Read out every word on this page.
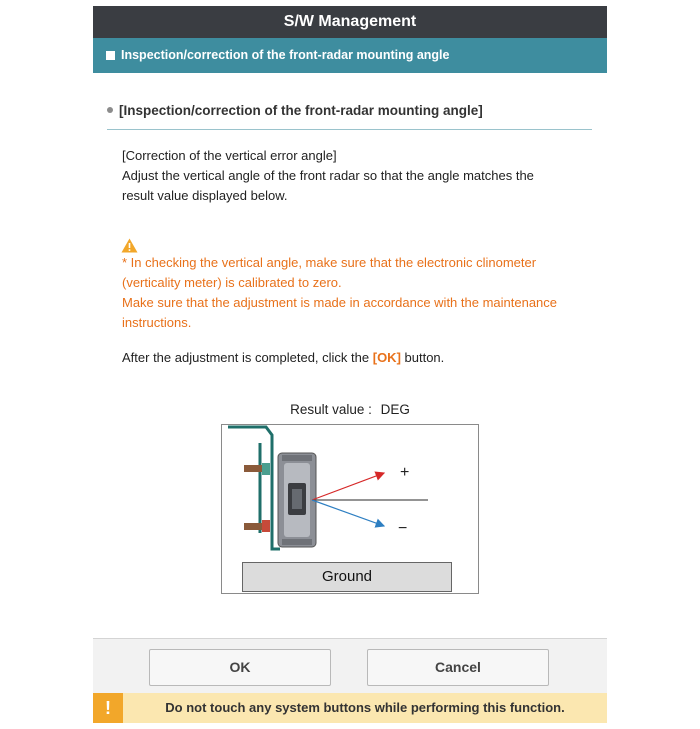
S/W Management
Inspection/correction of the front-radar mounting angle
[Inspection/correction of the front-radar mounting angle]
[Correction of the vertical error angle]
Adjust the vertical angle of the front radar so that the angle matches the
result value displayed below.
* In checking the vertical angle, make sure that the electronic clinometer
(verticality meter) is calibrated to zero.
Make sure that the adjustment is made in accordance with the maintenance
instructions.
After the adjustment is completed, click the [OK] button.
Result value : DEG
+
−
Ground
OK	Cancel
!	Do not touch any system buttons while performing this function.
